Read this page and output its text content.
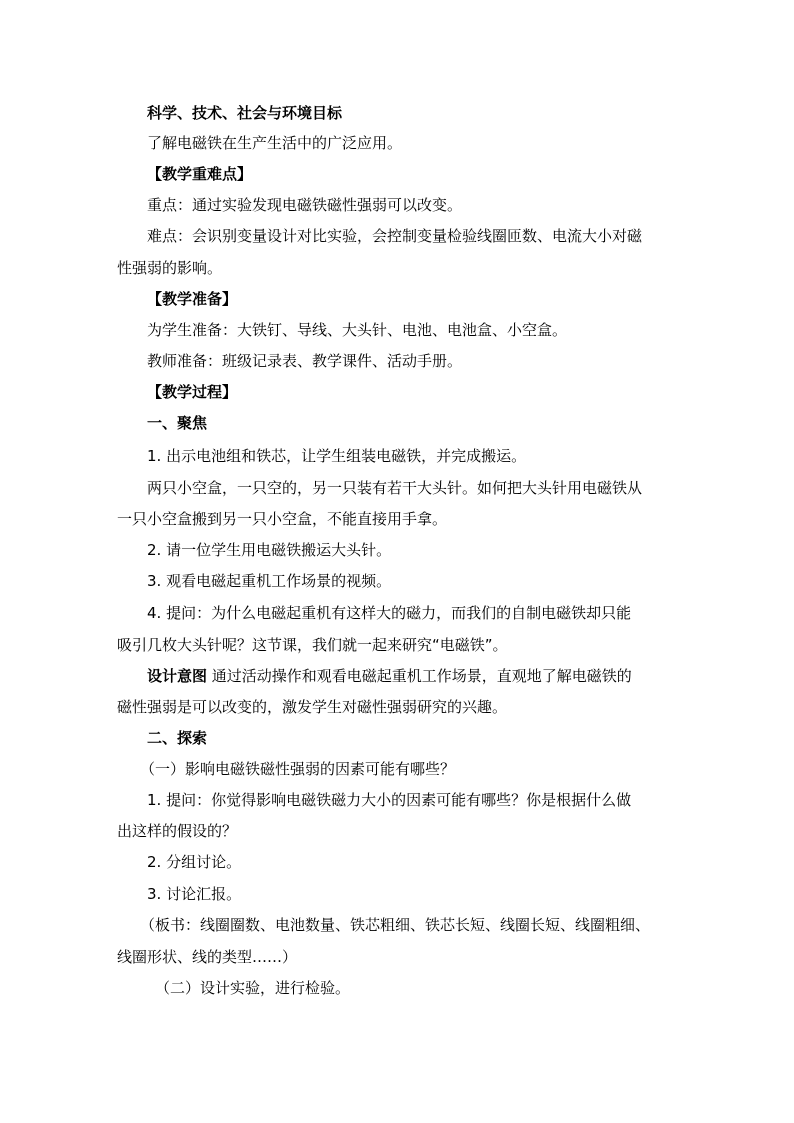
科学、技术、社会与环境目标
了解电磁铁在生产生活中的广泛应用。
【教学重难点】
重点：通过实验发现电磁铁磁性强弱可以改变。
难点：会识别变量设计对比实验，会控制变量检验线圈匝数、电流大小对磁
性强弱的影响。
【教学准备】
为学生准备：大铁钉、导线、大头针、电池、电池盒、小空盒。
教师准备：班级记录表、教学课件、活动手册。
【教学过程】
一、聚焦
1. 出示电池组和铁芯，让学生组装电磁铁，并完成搬运。
两只小空盒，一只空的，另一只装有若干大头针。如何把大头针用电磁铁从
一只小空盒搬到另一只小空盒，不能直接用手拿。
2. 请一位学生用电磁铁搬运大头针。
3. 观看电磁起重机工作场景的视频。
4. 提问：为什么电磁起重机有这样大的磁力，而我们的自制电磁铁却只能
吸引几枚大头针呢？这节课，我们就一起来研究“电磁铁”。
设计意图 通过活动操作和观看电磁起重机工作场景，直观地了解电磁铁的
磁性强弱是可以改变的，激发学生对磁性强弱研究的兴趣。
二、探索
（一）影响电磁铁磁性强弱的因素可能有哪些？
1. 提问：你觉得影响电磁铁磁力大小的因素可能有哪些？你是根据什么做
出这样的假设的？
2. 分组讨论。
3. 讨论汇报。
（板书：线圈圈数、电池数量、铁芯粗细、铁芯长短、线圈长短、线圈粗细、
线圈形状、线的类型……）
（二）设计实验，进行检验。
